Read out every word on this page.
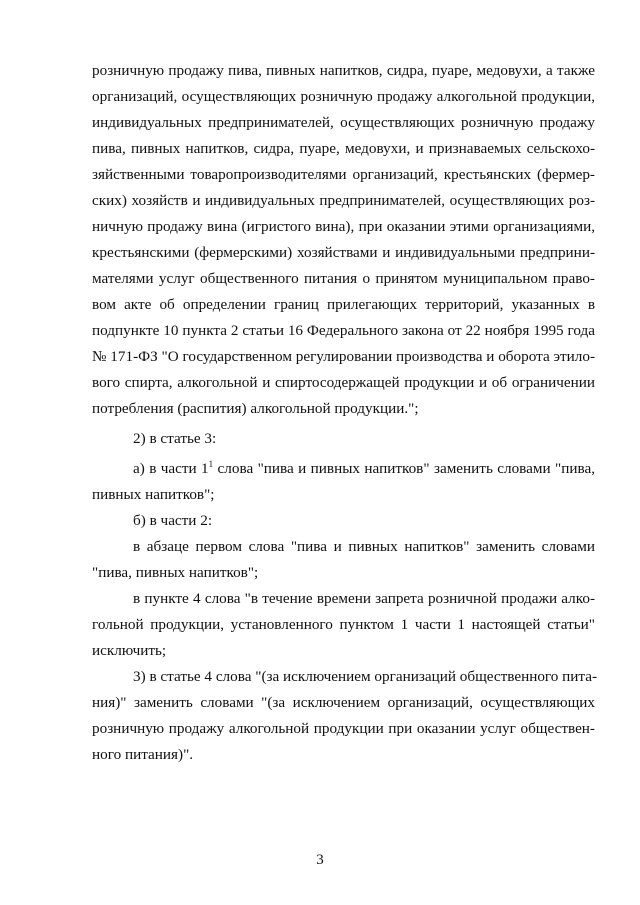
розничную продажу пива, пивных напитков, сидра, пуаре, медовухи, а также
организаций, осуществляющих розничную продажу алкогольной продукции,
индивидуальных предпринимателей, осуществляющих розничную продажу
пива, пивных напитков, сидра, пуаре, медовухи, и признаваемых сельскохо-
зяйственными товаропроизводителями организаций, крестьянских (фермер-
ских) хозяйств и индивидуальных предпринимателей, осуществляющих роз-
ничную продажу вина (игристого вина), при оказании этими организациями,
крестьянскими (фермерскими) хозяйствами и индивидуальными предприни-
мателями услуг общественного питания о принятом муниципальном право-
вом акте об определении границ прилегающих территорий, указанных в
подпункте 10 пункта 2 статьи 16 Федерального закона от 22 ноября 1995 года
№ 171-ФЗ "О государственном регулировании производства и оборота этило-
вого спирта, алкогольной и спиртосодержащей продукции и об ограничении
потребления (распития) алкогольной продукции.";
2) в статье 3:
а) в части $1^1$ слова "пива и пивных напитков" заменить словами "пива,
пивных напитков";
б) в части 2:
в абзаце первом слова "пива и пивных напитков" заменить словами
"пива, пивных напитков";
в пункте 4 слова "в течение времени запрета розничной продажи алко-
гольной продукции, установленного пунктом 1 части 1 настоящей статьи"
исключить;
3) в статье 4 слова "(за исключением организаций общественного пита-
ния)" заменить словами "(за исключением организаций, осуществляющих
розничную продажу алкогольной продукции при оказании услуг обществен-
ного питания)".
3
